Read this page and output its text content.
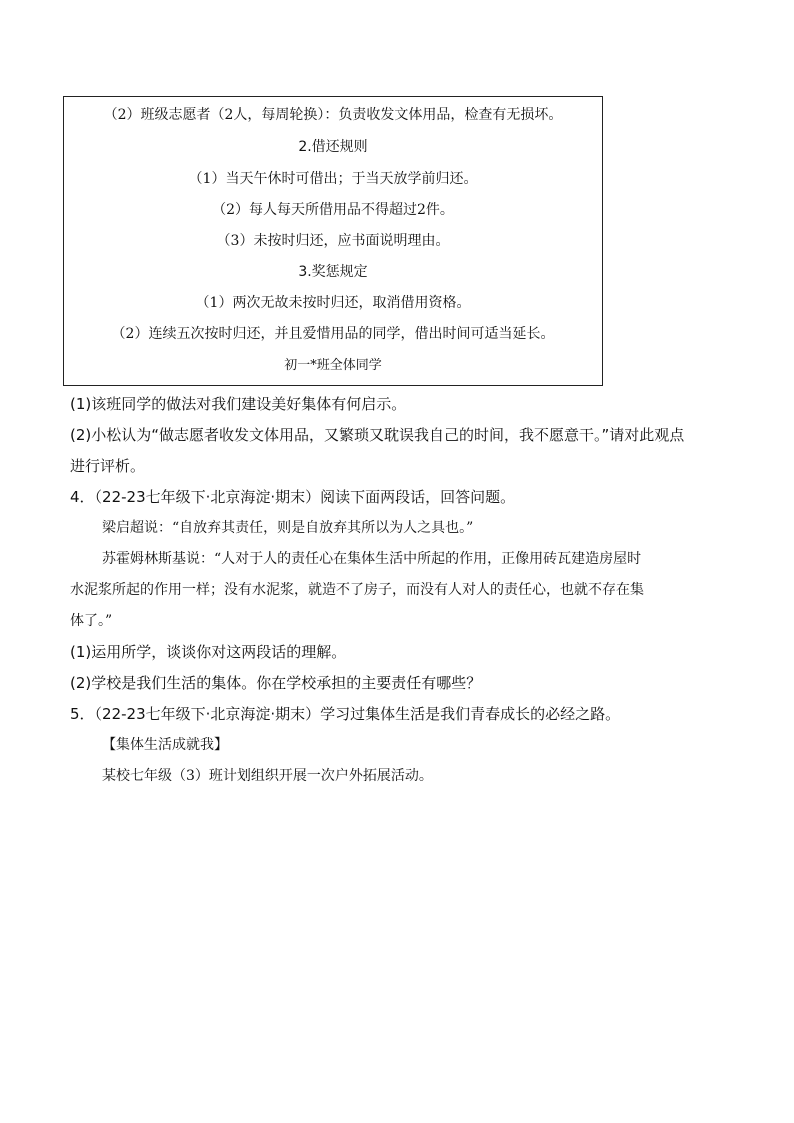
（2）班级志愿者（2人，每周轮换）：负责收发文体用品，检查有无损坏。
2.借还规则
（1）当天午休时可借出；于当天放学前归还。
（2）每人每天所借用品不得超过2件。
（3）未按时归还，应书面说明理由。
3.奖惩规定
（1）两次无故未按时归还，取消借用资格。
（2）连续五次按时归还，并且爱惜用品的同学，借出时间可适当延长。
初一*班全体同学
(1)该班同学的做法对我们建设美好集体有何启示。
(2)小松认为“做志愿者收发文体用品，又繁琐又耽误我自己的时间，我不愿意干。”请对此观点
进行评析。
4．（22-23七年级下·北京海淀·期末）阅读下面两段话，回答问题。
梁启超说：“自放弃其责任，则是自放弃其所以为人之具也。”
苏霍姆林斯基说：“人对于人的责任心在集体生活中所起的作用，正像用砖瓦建造房屋时
水泥浆所起的作用一样；没有水泥浆，就造不了房子，而没有人对人的责任心，也就不存在集
体了。”
(1)运用所学，谈谈你对这两段话的理解。
(2)学校是我们生活的集体。你在学校承担的主要责任有哪些？
5．（22-23七年级下·北京海淀·期末）学习过集体生活是我们青春成长的必经之路。
【集体生活成就我】
某校七年级（3）班计划组织开展一次户外拓展活动。
